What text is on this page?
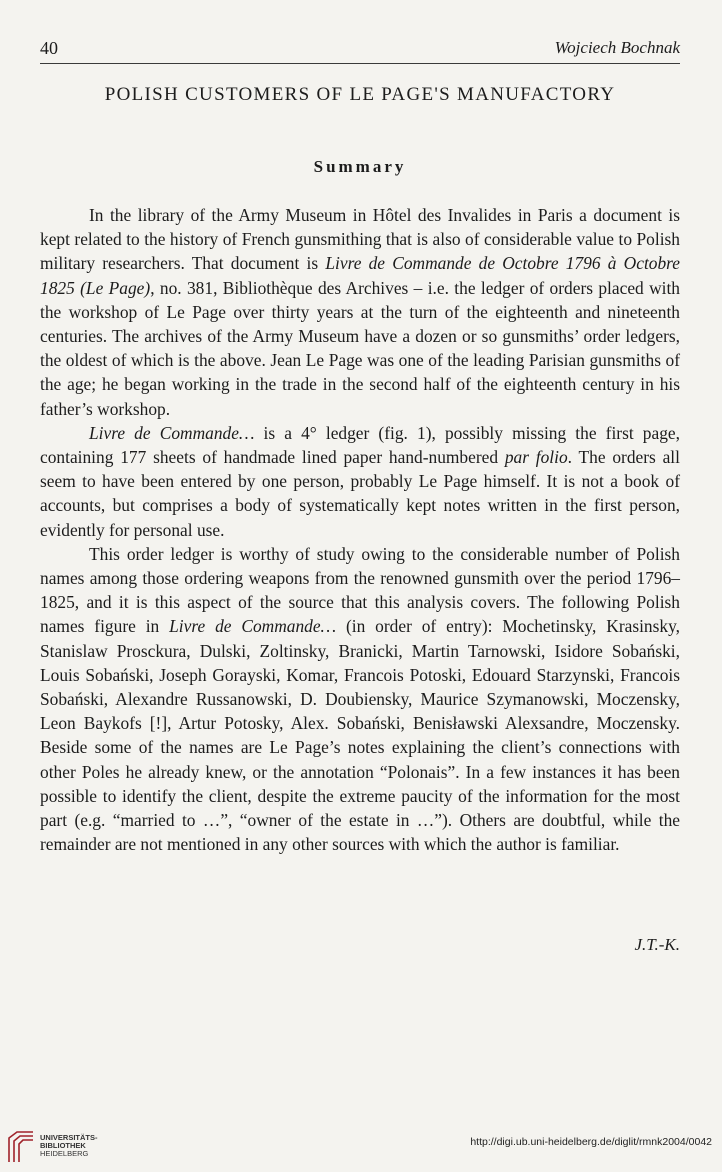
40	Wojciech Bochnak
POLISH CUSTOMERS OF LE PAGE'S MANUFACTORY
Summary

In the library of the Army Museum in Hôtel des Invalides in Paris a document is kept related to the history of French gunsmithing that is also of considerable value to Polish military researchers. That document is Livre de Commande de Octobre 1796 à Octobre 1825 (Le Page), no. 381, Bibliothèque des Archives – i.e. the ledger of orders placed with the workshop of Le Page over thirty years at the turn of the eighteenth and nineteenth centuries. The archives of the Army Museum have a dozen or so gunsmiths’ order ledgers, the oldest of which is the above. Jean Le Page was one of the leading Parisian gunsmiths of the age; he began working in the trade in the second half of the eighteenth century in his father’s workshop.

Livre de Commande… is a 4° ledger (fig. 1), possibly missing the first page, containing 177 sheets of handmade lined paper hand-numbered par folio. The orders all seem to have been entered by one person, probably Le Page himself. It is not a book of accounts, but comprises a body of systematically kept notes written in the first person, evidently for personal use.

This order ledger is worthy of study owing to the considerable number of Polish names among those ordering weapons from the renowned gunsmith over the period 1796–1825, and it is this aspect of the source that this analysis covers. The following Polish names figure in Livre de Commande… (in order of entry): Mochetinsky, Krasinsky, Stanislaw Prosckura, Dulski, Zoltinsky, Branicki, Martin Tarnowski, Isidore Sobański, Louis Sobański, Joseph Gorayski, Komar, Francois Potoski, Edouard Starzynski, Francois Sobański, Alexandre Russanowski, D. Doubiensky, Maurice Szymanowski, Moczensky, Leon Baykofs [!], Artur Potosky, Alex. Sobański, Benisławski Alexsandre, Moczensky. Beside some of the names are Le Page’s notes explaining the client’s connections with other Poles he already knew, or the annotation “Polonais”. In a few instances it has been possible to identify the client, despite the extreme paucity of the information for the most part (e.g. “married to …”, “owner of the estate in …”). Others are doubtful, while the remainder are not mentioned in any other sources with which the author is familiar.

J.T.-K.
UNIVERSITÄTS-
BIBLIOTHEK
HEIDELBERG
http://digi.ub.uni-heidelberg.de/diglit/rmnk2004/0042
